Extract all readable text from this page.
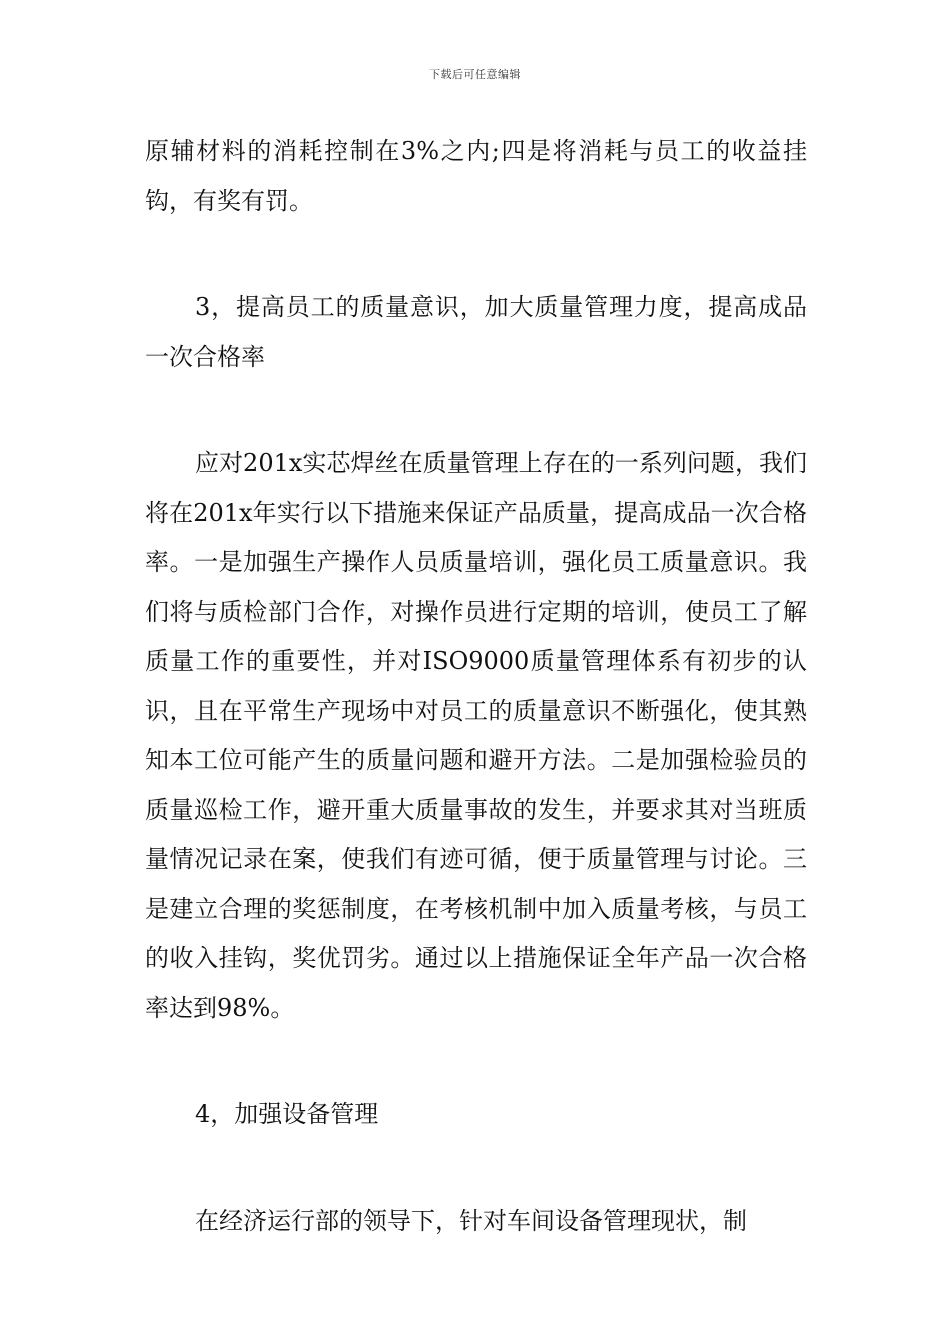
下载后可任意编辑

原辅材料的消耗控制在3%之内;四是将消耗与员工的收益挂钩，有奖有罚。

3，提高员工的质量意识，加大质量管理力度，提高成品一次合格率

应对201x实芯焊丝在质量管理上存在的一系列问题，我们将在201x年实行以下措施来保证产品质量，提高成品一次合格率。一是加强生产操作人员质量培训，强化员工质量意识。我们将与质检部门合作，对操作员进行定期的培训，使员工了解质量工作的重要性，并对ISO9000质量管理体系有初步的认识，且在平常生产现场中对员工的质量意识不断强化，使其熟知本工位可能产生的质量问题和避开方法。二是加强检验员的质量巡检工作，避开重大质量事故的发生，并要求其对当班质量情况记录在案，使我们有迹可循，便于质量管理与讨论。三是建立合理的奖惩制度，在考核机制中加入质量考核，与员工的收入挂钩，奖优罚劣。通过以上措施保证全年产品一次合格率达到98%。

4，加强设备管理

在经济运行部的领导下，针对车间设备管理现状，制
